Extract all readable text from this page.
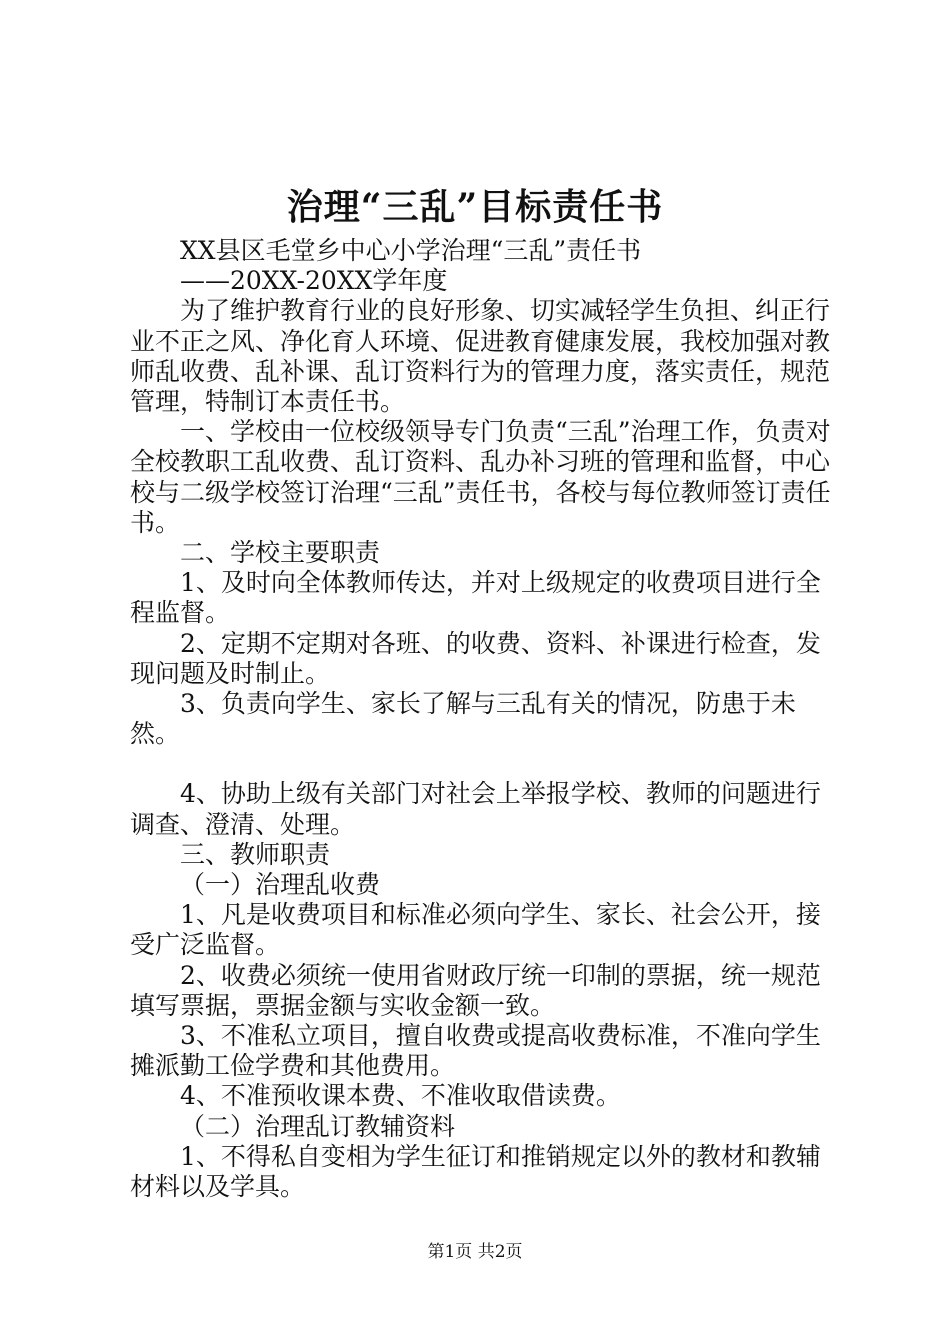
治理“三乱”目标责任书

XX县区毛堂乡中心小学治理“三乱”责任书

——20XX-20XX学年度

为了维护教育行业的良好形象、切实减轻学生负担、纠正行业不正之风、净化育人环境、促进教育健康发展，我校加强对教师乱收费、乱补课、乱订资料行为的管理力度，落实责任，规范管理，特制订本责任书。

一、学校由一位校级领导专门负责“三乱”治理工作，负责对全校教职工乱收费、乱订资料、乱办补习班的管理和监督，中心校与二级学校签订治理“三乱”责任书，各校与每位教师签订责任书。

二、学校主要职责

1、及时向全体教师传达，并对上级规定的收费项目进行全程监督。

2、定期不定期对各班、的收费、资料、补课进行检查，发现问题及时制止。

3、负责向学生、家长了解与三乱有关的情况，防患于未然。

4、协助上级有关部门对社会上举报学校、教师的问题进行调查、澄清、处理。

三、教师职责

（一）治理乱收费

1、凡是收费项目和标准必须向学生、家长、社会公开，接受广泛监督。

2、收费必须统一使用省财政厅统一印制的票据，统一规范填写票据，票据金额与实收金额一致。

3、不准私立项目，擅自收费或提高收费标准，不准向学生摊派勤工俭学费和其他费用。

4、不准预收课本费、不准收取借读费。

（二）治理乱订教辅资料

1、不得私自变相为学生征订和推销规定以外的教材和教辅材料以及学具。

第1页 共2页
